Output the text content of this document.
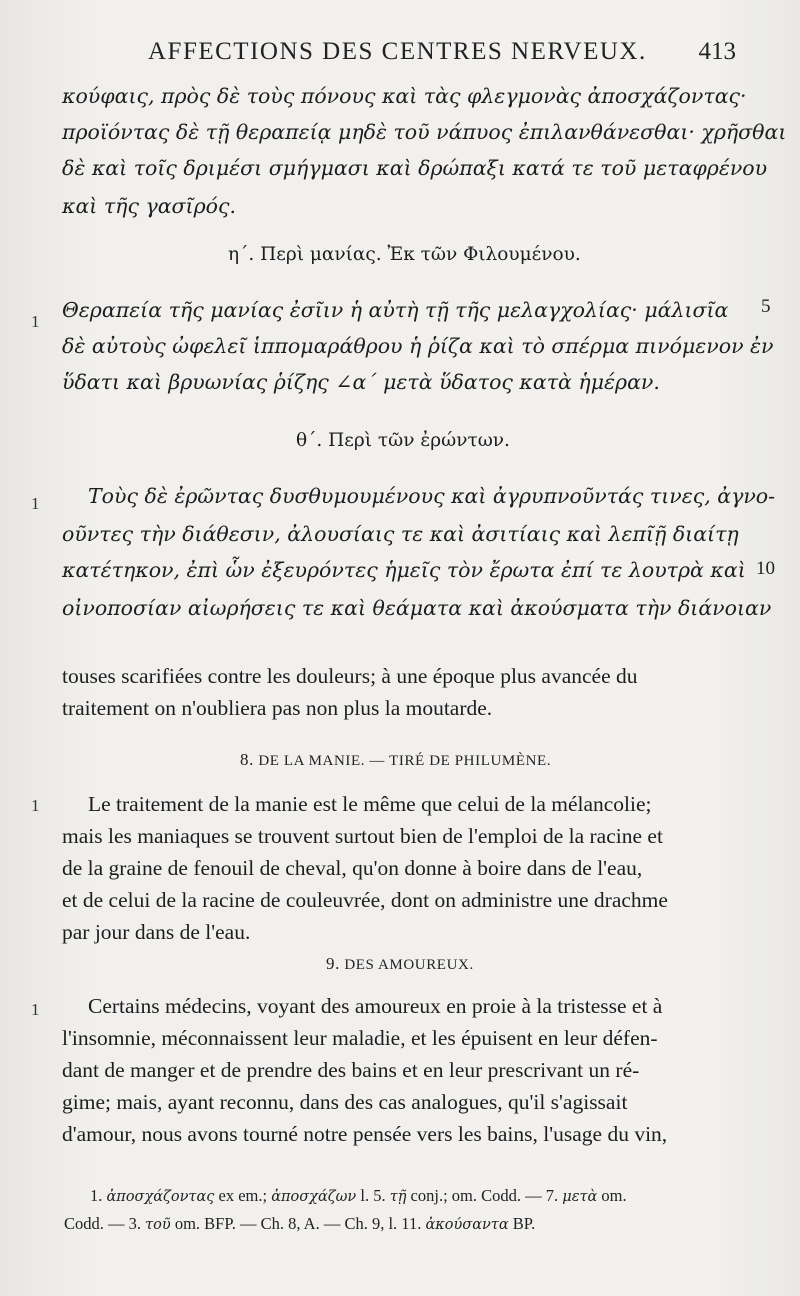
AFFECTIONS DES CENTRES NERVEUX. 413
κούφαις, πρὸς δὲ τοὺς πόνους καὶ τὰς φλεγμονὰς ἀποσχάζοντας·
προϊόντας δὲ τῇ θεραπείᾳ μηδὲ τοῦ νάπυος ἐπιλανθάνεσθαι· χρῆσθαι
δὲ καὶ τοῖς δριμέσι σμήγμασι καὶ δρώπαξι κατά τε τοῦ μεταφρένου
καὶ τῆς γασῖρός.
η΄. Περὶ μανίας. Ἐκ τῶν Φιλουμένου.
1 Θεραπεία τῆς μανίας ἐσῖιν ἡ αὐτὴ τῇ τῆς μελαγχολίας· μάλισῖα 5
δὲ αὐτοὺς ὠφελεῖ ἱππομαράθρου ἡ ῥίζα καὶ τὸ σπέρμα πινόμενον ἐν
ὕδατι καὶ βρυωνίας ῥίζης ∠α΄ μετὰ ὕδατος κατὰ ἡμέραν.
θ΄. Περὶ τῶν ἐρώντων.
1 Τοὺς δὲ ἐρῶντας δυσθυμουμένους καὶ ἀγρυπνοῦντάς τινες, ἀγνο-
οῦντες τὴν διάθεσιν, ἀλουσίαις τε καὶ ἀσιτίαις καὶ λεπῖῇ διαίτῃ
κατέτηκον, ἐπὶ ὧν ἐξευρόντες ἡμεῖς τὸν ἔρωτα ἐπί τε λουτρὰ καὶ 10
οἰνοποσίαν αἰωρήσεις τε καὶ θεάματα καὶ ἀκούσματα τὴν διάνοιαν
touses scarifiées contre les douleurs; à une époque plus avancée du
traitement on n'oubliera pas non plus la moutarde.
8. DE LA MANIE. — TIRÉ DE PHILUMÈNE.
1 Le traitement de la manie est le même que celui de la mélancolie;
mais les maniaques se trouvent surtout bien de l'emploi de la racine et
de la graine de fenouil de cheval, qu'on donne à boire dans de l'eau,
et de celui de la racine de couleuvrée, dont on administre une drachme
par jour dans de l'eau.
9. DES AMOUREUX.
1 Certains médecins, voyant des amoureux en proie à la tristesse et à
l'insomnie, méconnaissent leur maladie, et les épuisent en leur défen-
dant de manger et de prendre des bains et en leur prescrivant un ré-
gime; mais, ayant reconnu, dans des cas analogues, qu'il s'agissait
d'amour, nous avons tourné notre pensée vers les bains, l'usage du vin,
1. ἀποσχάζοντας ex em.; ἀποσχάζων l. 5. τῇ conj.; om. Codd. — 7. μετὰ om.
Codd. — 3. τοῦ om. BFP. — Ch. 8, A. — Ch. 9, l. 11. ἀκούσαντα BP.
